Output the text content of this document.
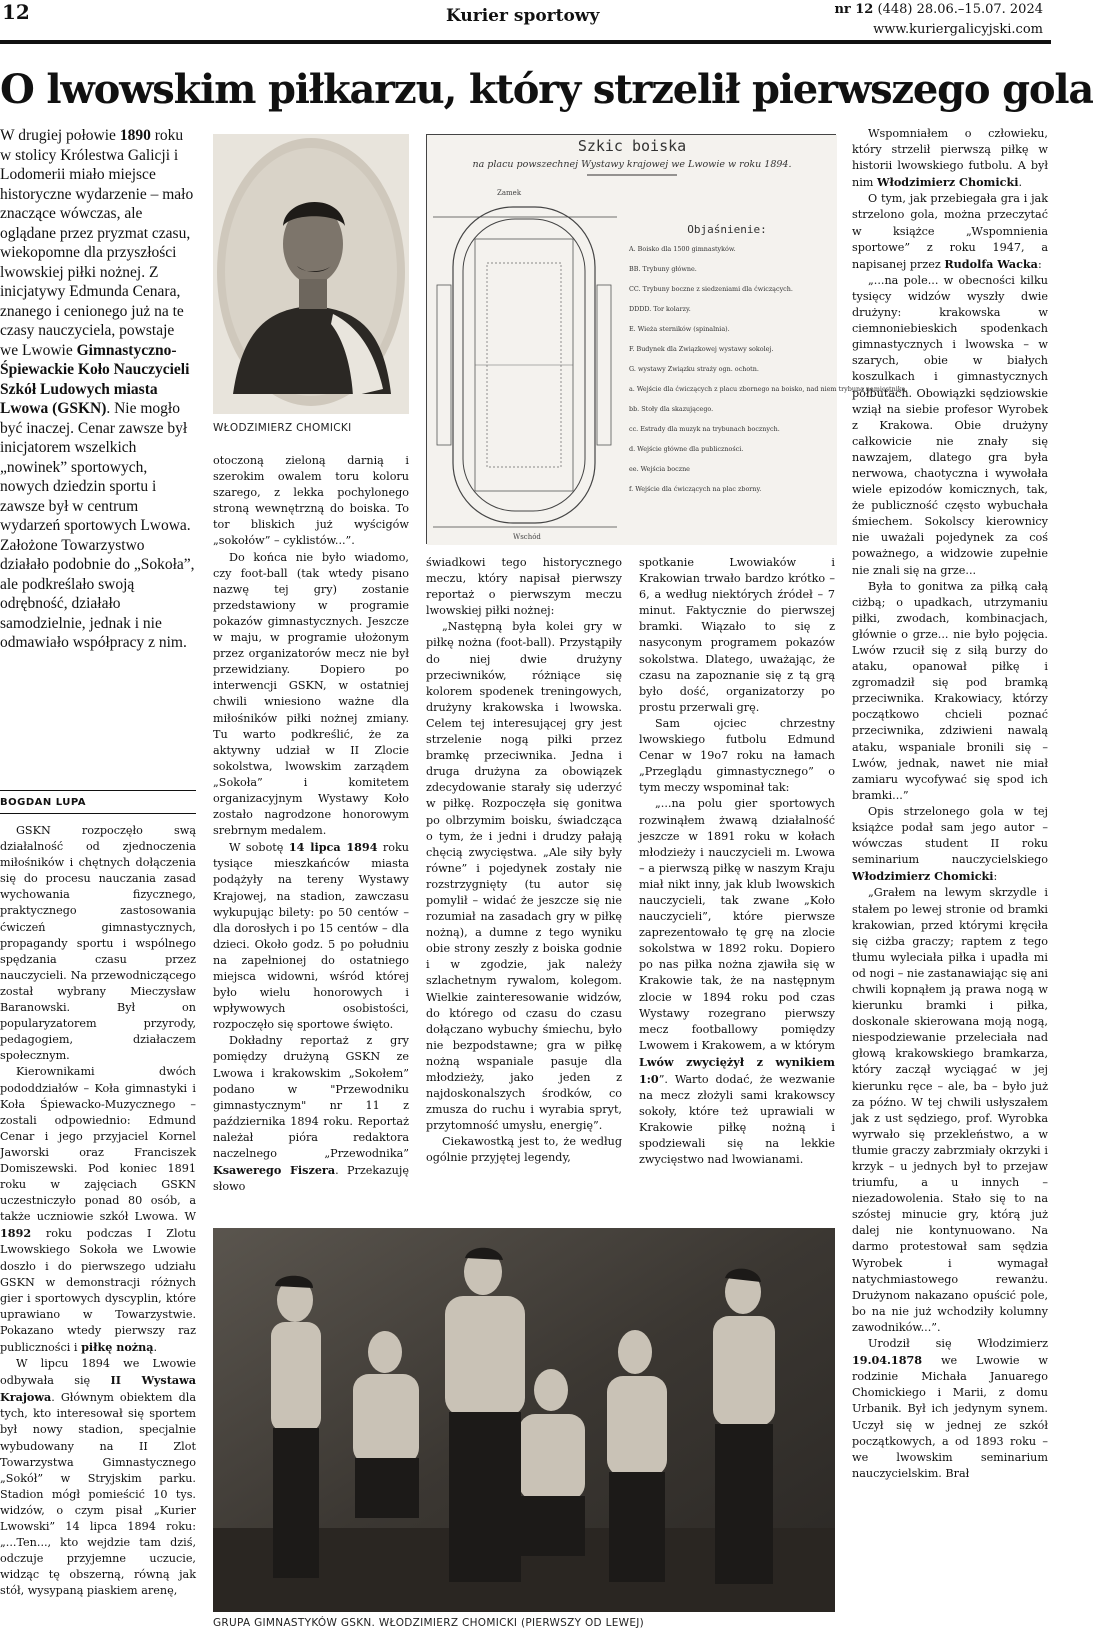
12	Kurier sportowy	nr 12 (448) 28.06.–15.07. 2024
www.kuriergalicyjski.com
O lwowskim piłkarzu, który strzelił pierwszego gola
W drugiej połowie 1890 roku w stolicy Królestwa Galicji i Lodomerii miało miejsce historyczne wydarzenie – mało znaczące wówczas, ale oglądane przez pryzmat czasu, wiekopomne dla przyszłości lwowskiej piłki nożnej. Z inicjatywy Edmunda Cenara, znanego i cenionego już na te czasy nauczyciela, powstaje we Lwowie Gimnastyczno-Śpiewackie Koło Nauczycieli Szkół Ludowych miasta Lwowa (GSKN). Nie mogło być inaczej. Cenar zawsze był inicjatorem wszelkich „nowinek” sportowych, nowych dziedzin sportu i zawsze był w centrum wydarzeń sportowych Lwowa. Założone Towarzystwo działało podobnie do „Sokoła”, ale podkreślało swoją odrębność, działało samodzielnie, jednak i nie odmawiało współpracy z nim.
BOGDAN LUPA

GSKN rozpoczęło swą działalność od zjednoczenia miłośników i chętnych dołączenia się do procesu nauczania zasad wychowania fizycznego, praktycznego zastosowania ćwiczeń gimnastycznych, propagandy sportu i wspólnego spędzania czasu przez nauczycieli. Na przewodniczącego został wybrany Mieczysław Baranowski. Był on popularyzatorem przyrody, pedagogiem, działaczem społecznym.

Kierownikami dwóch pododdziałów – Koła gimnastyki i Koła Śpiewacko-Muzycznego – zostali odpowiednio: Edmund Cenar i jego przyjaciel Kornel Jaworski oraz Franciszek Domiszewski. Pod koniec 1891 roku w zajęciach GSKN uczestniczyło ponad 80 osób, a także uczniowie szkół Lwowa. W 1892 roku podczas I Zlotu Lwowskiego Sokoła we Lwowie doszło i do pierwszego udziału GSKN w demonstracji różnych gier i sportowych dyscyplin, które uprawiano w Towarzystwie. Pokazano wtedy pierwszy raz publiczności i piłkę nożną.

W lipcu 1894 we Lwowie odbywała się II Wystawa Krajowa. Głównym obiektem dla tych, kto interesował się sportem był nowy stadion, specjalnie wybudowany na II Zlot Towarzystwa Gimnastycznego „Sokół” w Stryjskim parku. Stadion mógł pomieścić 10 tys. widzów, o czym pisał „Kurier Lwowski” 14 lipca 1894 roku: „...Ten..., kto wejdzie tam dziś, odczuje przyjemne uczucie, widząc tę obszerną, równą jak stół, wysypaną piaskiem arenę,

WŁODZIMIERZ CHOMICKI
Szkic boiska
na placu powszechnej Wystawy krajowej we Lwowie w roku 1894.
Zamek
Wschód
Objaśnienie:
A. Boisko dla 1500 gimnastyków.
BB. Trybuny główne.
CC. Trybuny boczne z siedzeniami dla ćwiczących.
DDDD. Tor kolarzy.
E. Wieża sterników (spinalnia).
F. Budynek dla Związkowej wystawy sokolej.
G. wystawy Związku straży ogn. ochotn.
a. Wejście dla ćwiczących z placu zbornego na boisko, nad niem trybuna namiestnika.
bb. Stoły dla skazującego.
cc. Estrady dla muzyk na trybunach bocznych.
d. Wejście główne dla publiczności.
ee. Wejścia boczne
f. Wejście dla ćwiczących na plac zborny.

otoczoną zieloną darnią i szerokim owalem toru koloru szarego, z lekka pochylonego stroną wewnętrzną do boiska. To tor bliskich już wyścigów „sokołów” – cyklistów...”.

Do końca nie było wiadomo, czy foot-ball (tak wtedy pisano nazwę tej gry) zostanie przedstawiony w programie pokazów gimnastycznych. Jeszcze w maju, w programie ułożonym przez organizatorów mecz nie był przewidziany. Dopiero po interwencji GSKN, w ostatniej chwili wniesiono ważne dla miłośników piłki nożnej zmiany. Tu warto podkreślić, że za aktywny udział w II Zlocie sokolstwa, lwowskim zarządem „Sokoła” i komitetem organizacyjnym Wystawy Koło zostało nagrodzone honorowym srebrnym medalem.

W sobotę 14 lipca 1894 roku tysiące mieszkańców miasta podążyły na tereny Wystawy Krajowej, na stadion, zawczasu wykupując bilety: po 50 centów – dla dorosłych i po 15 centów – dla dzieci. Około godz. 5 po południu na zapełnionej do ostatniego miejsca widowni, wśród której było wielu honorowych i wpływowych osobistości, rozpoczęło się sportowe święto.

Dokładny reportaż z gry pomiędzy drużyną GSKN ze Lwowa i krakowskim „Sokołem” podano w "Przewodniku gimnastycznym" nr 11 z października 1894 roku. Reportaż należał pióra redaktora naczelnego „Przewodnika” Ksawerego Fiszera. Przekazuję słowo

świadkowi tego historycznego meczu, który napisał pierwszy reportaż o pierwszym meczu lwowskiej piłki nożnej:

„Następną była kolei gry w piłkę nożna (foot-ball). Przystąpiły do niej dwie drużyny przeciwników, różniące się kolorem spodenek treningowych, drużyny krakowska i lwowska. Celem tej interesującej gry jest strzelenie nogą piłki przez bramkę przeciwnika. Jedna i druga drużyna za obowiązek zdecydowanie starały się uderzyć w piłkę. Rozpoczęła się gonitwa po olbrzymim boisku, świadcząca o tym, że i jedni i drudzy pałają chęcią zwycięstwa. „Ale siły były równe” i pojedynek zostały nie rozstrzygnięty (tu autor się pomylił – widać że jeszcze się nie rozumiał na zasadach gry w piłkę nożną), a dumne z tego wyniku obie strony zeszły z boiska godnie i w zgodzie, jak należy szlachetnym rywalom, kolegom. Wielkie zainteresowanie widzów, do którego od czasu do czasu dołączano wybuchy śmiechu, było nie bezpodstawne; gra w piłkę nożną wspaniale pasuje dla młodzieży, jako jeden z najdoskonalszych środków, co zmusza do ruchu i wyrabia spryt, przytomność umysłu, energię”.

Ciekawostką jest to, że według ogólnie przyjętej legendy,

spotkanie Lwowiaków i Krakowian trwało bardzo krótko – 6, a według niektórych źródeł – 7 minut. Faktycznie do pierwszej bramki. Wiązało to się z nasyconym programem pokazów sokolstwa. Dlatego, uważając, że czasu na zapoznanie się z tą grą było dość, organizatorzy po prostu przerwali grę.

Sam ojciec chrzestny lwowskiego futbolu Edmund Cenar w 19o7 roku na łamach „Przeglądu gimnastycznego” o tym meczy wspominał tak:

„...na polu gier sportowych rozwinąłem żwawą działalność jeszcze w 1891 roku w kołach młodzieży i nauczycieli m. Lwowa – a pierwszą piłkę w naszym Kraju miał nikt inny, jak klub lwowskich nauczycieli, tak zwane „Koło nauczycieli”, które pierwsze zaprezentowało tę grę na zlocie sokolstwa w 1892 roku. Dopiero po nas piłka nożna zjawiła się w Krakowie tak, że na następnym zlocie w 1894 roku pod czas Wystawy rozegrano pierwszy mecz footballowy pomiędzy Lwowem i Krakowem, a w którym Lwów zwyciężył z wynikiem 1:0”. Warto dodać, że wezwanie na mecz złożyli sami krakowscy sokoły, które też uprawiali w Krakowie piłkę nożną i spodziewali się na lekkie zwycięstwo nad lwowianami.

Wspomniałem o człowieku, który strzelił pierwszą piłkę w historii lwowskiego futbolu. A był nim Włodzimierz Chomicki.

O tym, jak przebiegała gra i jak strzelono gola, można przeczytać w książce „Wspomnienia sportowe” z roku 1947, a napisanej przez Rudolfa Wacka:

„...na pole... w obecności kilku tysięcy widzów wyszły dwie drużyny: krakowska w ciemnoniebieskich spodenkach gimnastycznych i lwowska – w szarych, obie w białych koszulkach i gimnastycznych półbutach. Obowiązki sędziowskie wziął na siebie profesor Wyrobek z Krakowa. Obie drużyny całkowicie nie znały się nawzajem, dlatego gra była nerwowa, chaotyczna i wywołała wiele epizodów komicznych, tak, że publiczność często wybuchała śmiechem. Sokolscy kierownicy nie uważali pojedynek za coś poważnego, a widzowie zupełnie nie znali się na grze...

Była to gonitwa za piłką całą ciżbą; o upadkach, utrzymaniu piłki, zwodach, kombinacjach, głównie o grze... nie było pojęcia. Lwów rzucił się z siłą burzy do ataku, opanował piłkę i zgromadził się pod bramką przeciwnika. Krakowiacy, którzy początkowo chcieli poznać przeciwnika, zdziwieni nawalą ataku, wspaniale bronili się – Lwów, jednak, nawet nie miał zamiaru wycofywać się spod ich bramki...”

Opis strzelonego gola w tej książce podał sam jego autor – wówczas student II roku seminarium nauczycielskiego Włodzimierz Chomicki:

„Grałem na lewym skrzydle i stałem po lewej stronie od bramki krakowian, przed którymi kręciła się ciżba graczy; raptem z tego tłumu wyleciała piłka i upadła mi od nogi – nie zastanawiając się ani chwili kopnąłem ją prawa nogą w kierunku bramki i piłka, doskonale skierowana moją nogą, niespodziewanie przeleciała nad głową krakowskiego bramkarza, który zaczął wyciągać w jej kierunku ręce – ale, ba – było już za późno. W tej chwili usłyszałem jak z ust sędziego, prof. Wyrobka wyrwało się przekleństwo, a w tłumie graczy zabrzmiały okrzyki i krzyk – u jednych był to przejaw triumfu, a u innych – niezadowolenia. Stało się to na szóstej minucie gry, którą już dalej nie kontynuowano. Na darmo protestował sam sędzia Wyrobek i wymagał natychmiastowego rewanżu. Drużynom nakazano opuścić pole, bo na nie już wchodziły kolumny zawodników...”.

Urodził się Włodzimierz 19.04.1878 we Lwowie w rodzinie Michała Januarego Chomickiego i Marii, z domu Urbanik. Był ich jedynym synem. Uczył się w jednej ze szkół początkowych, a od 1893 roku – we lwowskim seminarium nauczycielskim. Brał

GRUPA GIMNASTYKÓW GSKN. WŁODZIMIERZ CHOMICKI (PIERWSZY OD LEWEJ)
